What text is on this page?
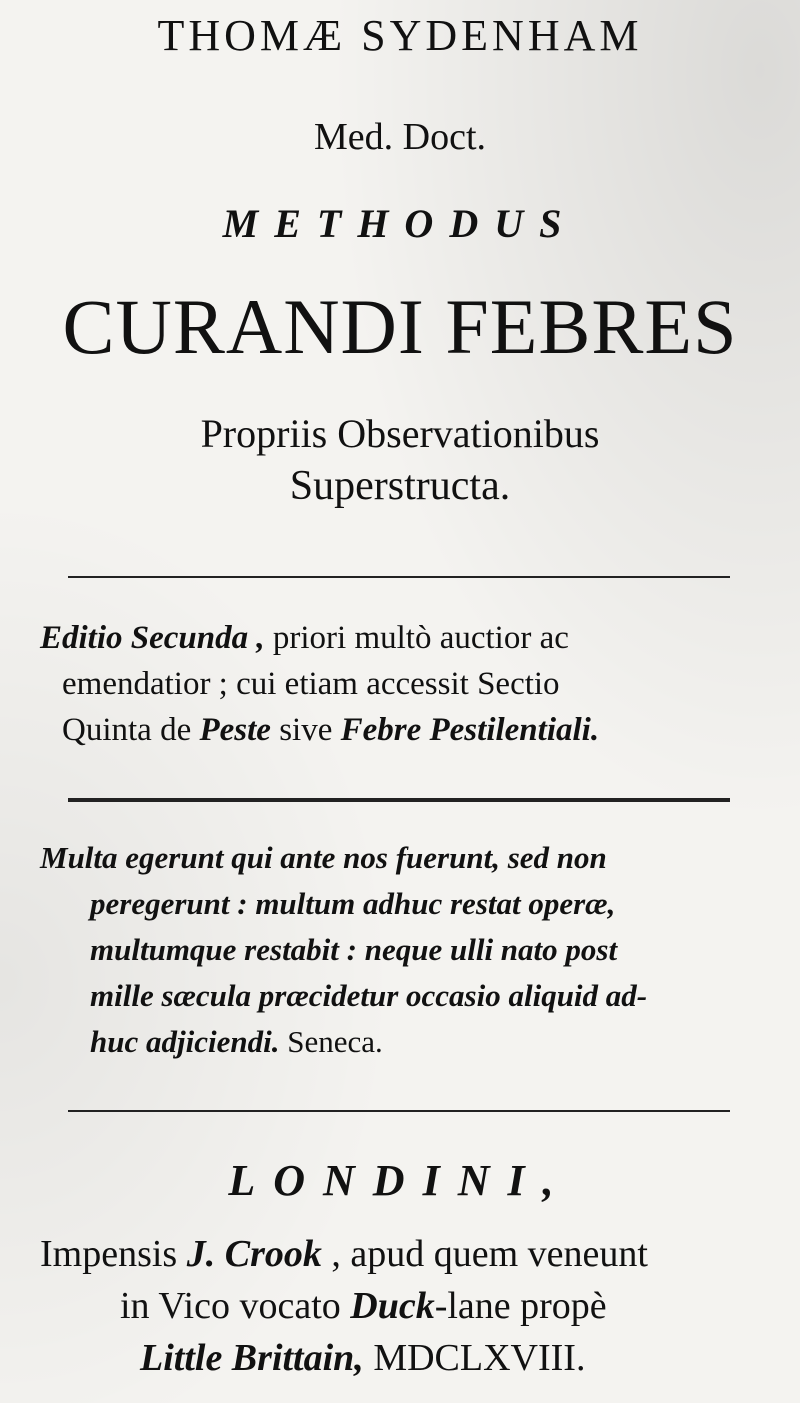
THOMÆ SYDENHAM
Med. Doct.
METHODUS
CURANDI FEBRES
Propriis Observationibus
Superstructa.
Editio Secunda , priori multò auctior ac
emendatior ; cui etiam accessit Sectio
Quinta de Peste sive Febre Pestilentiali.
Multa egerunt qui ante nos fuerunt, sed non
peregerunt : multum adhuc restat operæ,
multumque restabit : neque ulli nato post
mille sæcula præcidetur occasio aliquid ad-
huc adjiciendi. Seneca.
LONDINI,
Impensis J. Crook , apud quem veneunt
in Vico vocato Duck-lane propè
Little Brittain, MDCLXVIII.
